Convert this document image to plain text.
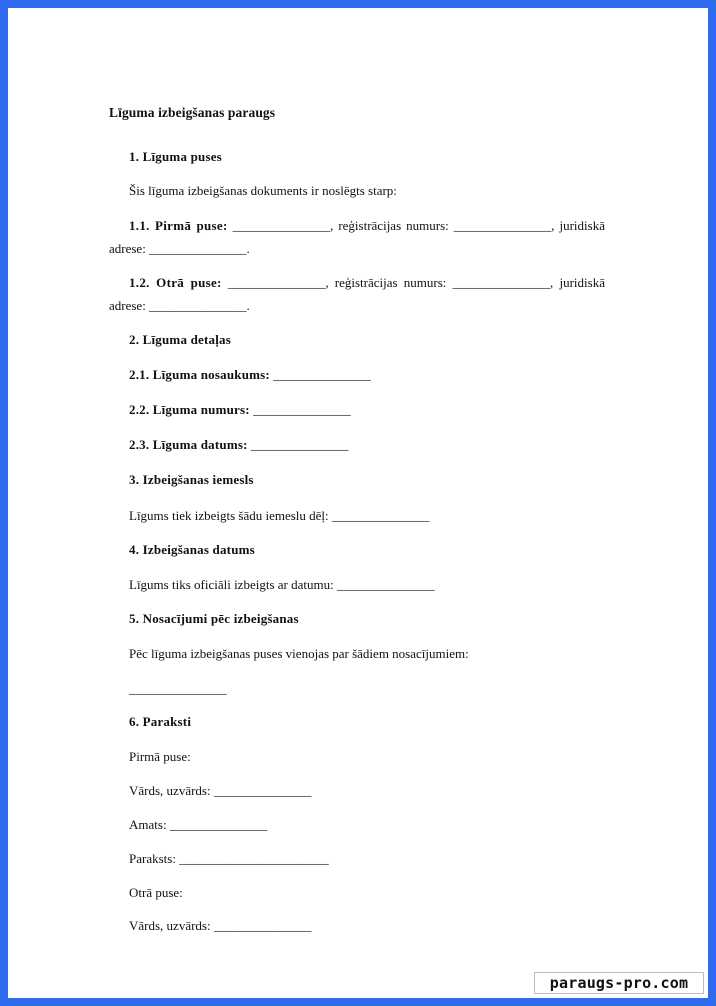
Līguma izbeigšanas paraugs
1. Līguma puses
Šis līguma izbeigšanas dokuments ir noslēgts starp:
1.1. Pirmā puse: _______________, reģistrācijas numurs: _______________, juridiskā adrese: _______________.
1.2. Otrā puse: _______________, reģistrācijas numurs: _______________, juridiskā adrese: _______________.
2. Līguma detaļas
2.1. Līguma nosaukums: _______________
2.2. Līguma numurs: _______________
2.3. Līguma datums: _______________
3. Izbeigšanas iemesls
Līgums tiek izbeigts šādu iemeslu dēļ: _______________
4. Izbeigšanas datums
Līgums tiks oficiāli izbeigts ar datumu: _______________
5. Nosacījumi pēc izbeigšanas
Pēc līguma izbeigšanas puses vienojas par šādiem nosacījumiem:
_______________
6. Paraksti
Pirmā puse:
Vārds, uzvārds: _______________
Amats: _______________
Paraksts: _______________________
Otrā puse:
Vārds, uzvārds: _______________
paraugs-pro.com
